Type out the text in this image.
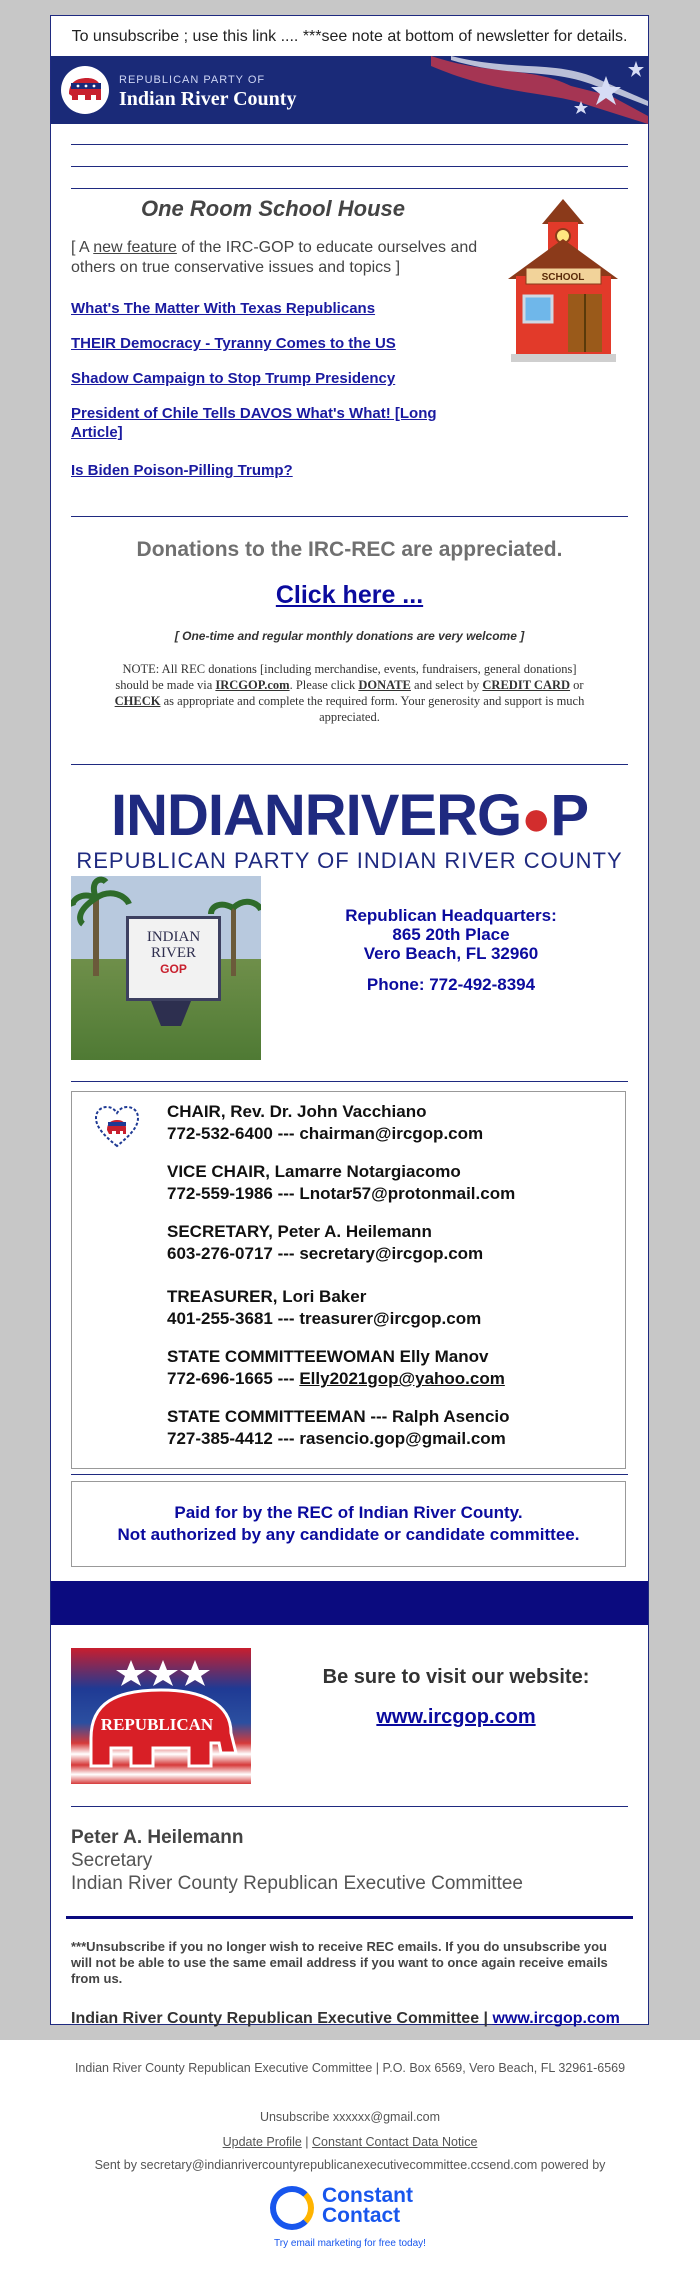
To unsubscribe ; use this link .... ***see note at bottom of newsletter for details.
REPUBLICAN PARTY OF
Indian River County
One Room School House
SCHOOL
[ A new feature of the IRC-GOP to educate ourselves and others on true conservative issues and topics ]
What's The Matter With Texas Republicans
THEIR Democracy - Tyranny Comes to the US
Shadow Campaign to Stop Trump Presidency
President of Chile Tells DAVOS What's What! [Long Article]
Is Biden Poison-Pilling Trump?
Donations to the IRC-REC are appreciated.
Click here ...
[ One-time and regular monthly donations are very welcome ]
NOTE: All REC donations [including merchandise, events, fundraisers, general donations] should be made via IRCGOP.com. Please click DONATE and select by CREDIT CARD or CHECK as appropriate and complete the required form. Your generosity and support is much appreciated.
INDIANRIVERG●P
REPUBLICAN PARTY OF INDIAN RIVER COUNTY
INDIAN
RIVER
GOP
Republican Headquarters:
865 20th Place
Vero Beach, FL 32960
Phone: 772-492-8394
CHAIR, Rev. Dr. John Vacchiano
772-532-6400 --- chairman@ircgop.com
VICE CHAIR, Lamarre Notargiacomo
772-559-1986 --- Lnotar57@protonmail.com
SECRETARY, Peter A. Heilemann
603-276-0717 --- secretary@ircgop.com
TREASURER, Lori Baker
401-255-3681 --- treasurer@ircgop.com
STATE COMMITTEEWOMAN Elly Manov
772-696-1665 --- Elly2021gop@yahoo.com
STATE COMMITTEEMAN --- Ralph Asencio
727-385-4412 --- rasencio.gop@gmail.com
Paid for by the REC of Indian River County.
Not authorized by any candidate or candidate committee.
REPUBLICAN
Be sure to visit our website:
www.ircgop.com
Peter A. Heilemann
Secretary
Indian River County Republican Executive Committee
***Unsubscribe if you no longer wish to receive REC emails. If you do unsubscribe you will not be able to use the same email address if you want to once again receive emails from us.
Indian River County Republican Executive Committee | www.ircgop.com
Indian River County Republican Executive Committee | P.O. Box 6569, Vero Beach, FL 32961-6569
Unsubscribe xxxxxx@gmail.com
Update Profile | Constant Contact Data Notice
Sent by secretary@indianrivercountyrepublicanexecutivecommittee.ccsend.com powered by
Constant
Contact
Try email marketing for free today!
